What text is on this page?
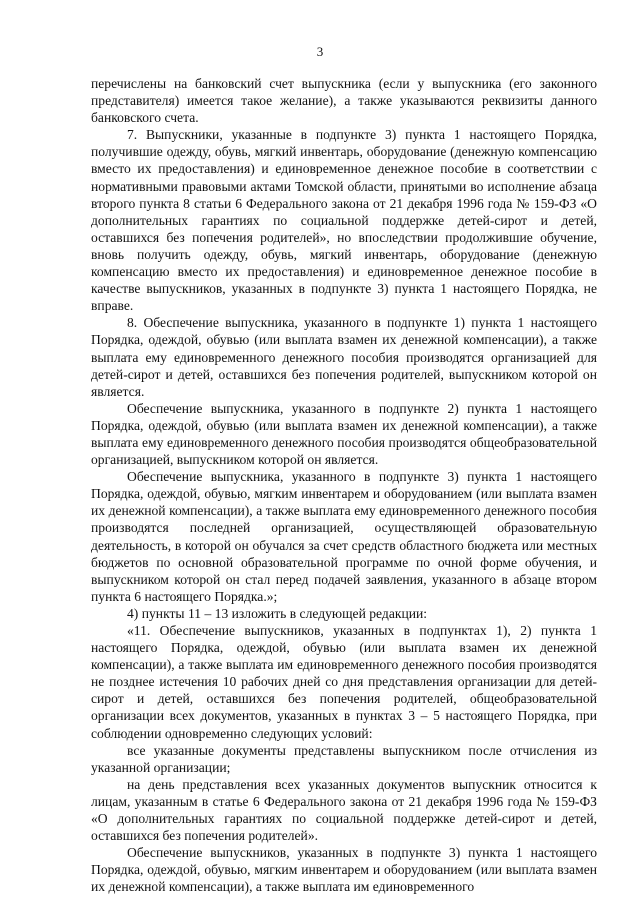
3

перечислены на банковский счет выпускника (если у выпускника (его законного представителя) имеется такое желание), а также указываются реквизиты данного банковского счета.

7. Выпускники, указанные в подпункте 3) пункта 1 настоящего Порядка, получившие одежду, обувь, мягкий инвентарь, оборудование (денежную компенсацию вместо их предоставления) и единовременное денежное пособие в соответствии с нормативными правовыми актами Томской области, принятыми во исполнение абзаца второго пункта 8 статьи 6 Федерального закона от 21 декабря 1996 года № 159-ФЗ «О дополнительных гарантиях по социальной поддержке детей-сирот и детей, оставшихся без попечения родителей», но впоследствии продолжившие обучение, вновь получить одежду, обувь, мягкий инвентарь, оборудование (денежную компенсацию вместо их предоставления) и единовременное денежное пособие в качестве выпускников, указанных в подпункте 3) пункта 1 настоящего Порядка, не вправе.

8. Обеспечение выпускника, указанного в подпункте 1) пункта 1 настоящего Порядка, одеждой, обувью (или выплата взамен их денежной компенсации), а также выплата ему единовременного денежного пособия производятся организацией для детей-сирот и детей, оставшихся без попечения родителей, выпускником которой он является.

Обеспечение выпускника, указанного в подпункте 2) пункта 1 настоящего Порядка, одеждой, обувью (или выплата взамен их денежной компенсации), а также выплата ему единовременного денежного пособия производятся общеобразовательной организацией, выпускником которой он является.

Обеспечение выпускника, указанного в подпункте 3) пункта 1 настоящего Порядка, одеждой, обувью, мягким инвентарем и оборудованием (или выплата взамен их денежной компенсации), а также выплата ему единовременного денежного пособия производятся последней организацией, осуществляющей образовательную деятельность, в которой он обучался за счет средств областного бюджета или местных бюджетов по основной образовательной программе по очной форме обучения, и выпускником которой он стал перед подачей заявления, указанного в абзаце втором пункта 6 настоящего Порядка.»;

4) пункты 11 – 13 изложить в следующей редакции:

«11. Обеспечение выпускников, указанных в подпунктах 1), 2) пункта 1 настоящего Порядка, одеждой, обувью (или выплата взамен их денежной компенсации), а также выплата им единовременного денежного пособия производятся не позднее истечения 10 рабочих дней со дня представления организации для детей-сирот и детей, оставшихся без попечения родителей, общеобразовательной организации всех документов, указанных в пунктах 3 – 5 настоящего Порядка, при соблюдении одновременно следующих условий:

все указанные документы представлены выпускником после отчисления из указанной организации;

на день представления всех указанных документов выпускник относится к лицам, указанным в статье 6 Федерального закона от 21 декабря 1996 года № 159-ФЗ «О дополнительных гарантиях по социальной поддержке детей-сирот и детей, оставшихся без попечения родителей».

Обеспечение выпускников, указанных в подпункте 3) пункта 1 настоящего Порядка, одеждой, обувью, мягким инвентарем и оборудованием (или выплата взамен их денежной компенсации), а также выплата им единовременного
